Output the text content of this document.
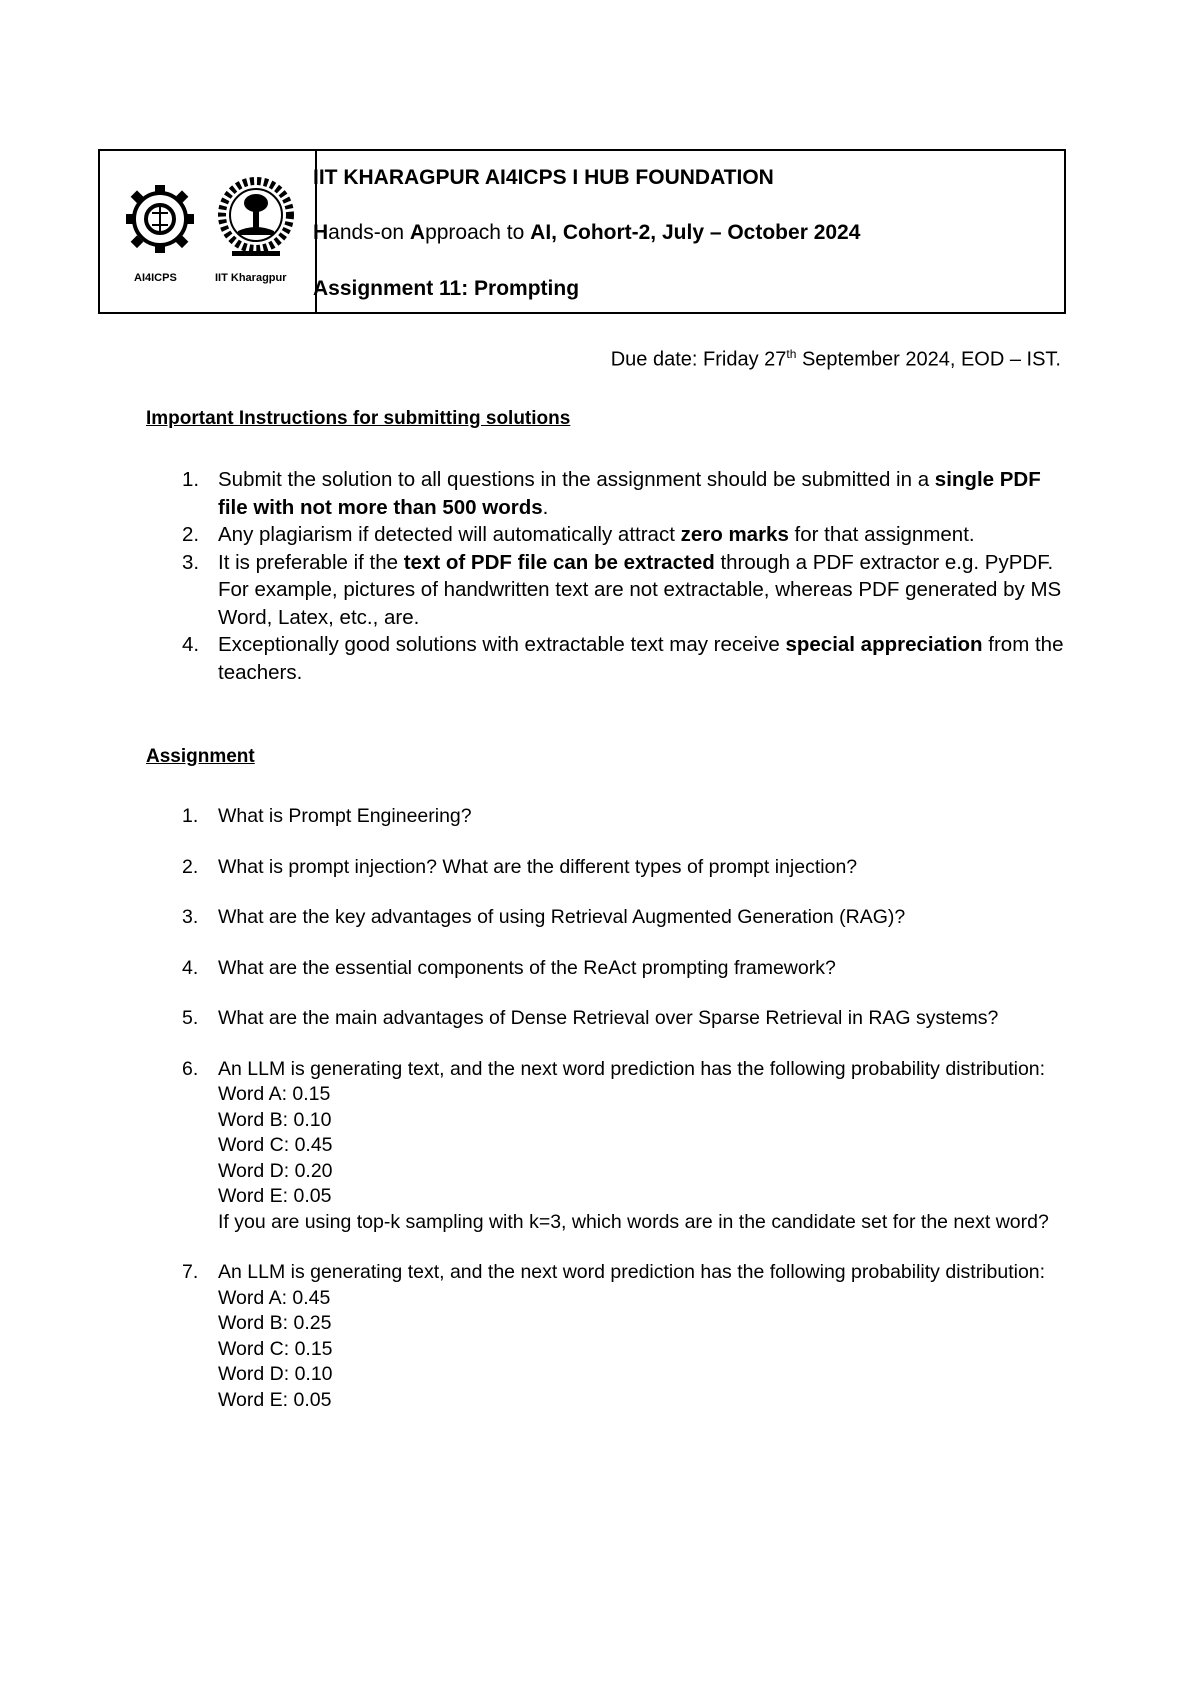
AI4ICPS	IIT Kharagpur
IIT KHARAGPUR AI4ICPS I HUB FOUNDATION
Hands-on Approach to AI, Cohort-2, July – October 2024
Assignment 11: Prompting
Due date: Friday 27th September 2024, EOD – IST.
Important Instructions for submitting solutions
1. Submit the solution to all questions in the assignment should be submitted in a single PDF file with not more than 500 words.
2. Any plagiarism if detected will automatically attract zero marks for that assignment.
3. It is preferable if the text of PDF file can be extracted through a PDF extractor e.g. PyPDF. For example, pictures of handwritten text are not extractable, whereas PDF generated by MS Word, Latex, etc., are.
4. Exceptionally good solutions with extractable text may receive special appreciation from the teachers.
Assignment
1. What is Prompt Engineering?
2. What is prompt injection? What are the different types of prompt injection?
3. What are the key advantages of using Retrieval Augmented Generation (RAG)?
4. What are the essential components of the ReAct prompting framework?
5. What are the main advantages of Dense Retrieval over Sparse Retrieval in RAG systems?
6. An LLM is generating text, and the next word prediction has the following probability distribution:
Word A: 0.15
Word B: 0.10
Word C: 0.45
Word D: 0.20
Word E: 0.05
If you are using top-k sampling with k=3, which words are in the candidate set for the next word?
7. An LLM is generating text, and the next word prediction has the following probability distribution:
Word A: 0.45
Word B: 0.25
Word C: 0.15
Word D: 0.10
Word E: 0.05
